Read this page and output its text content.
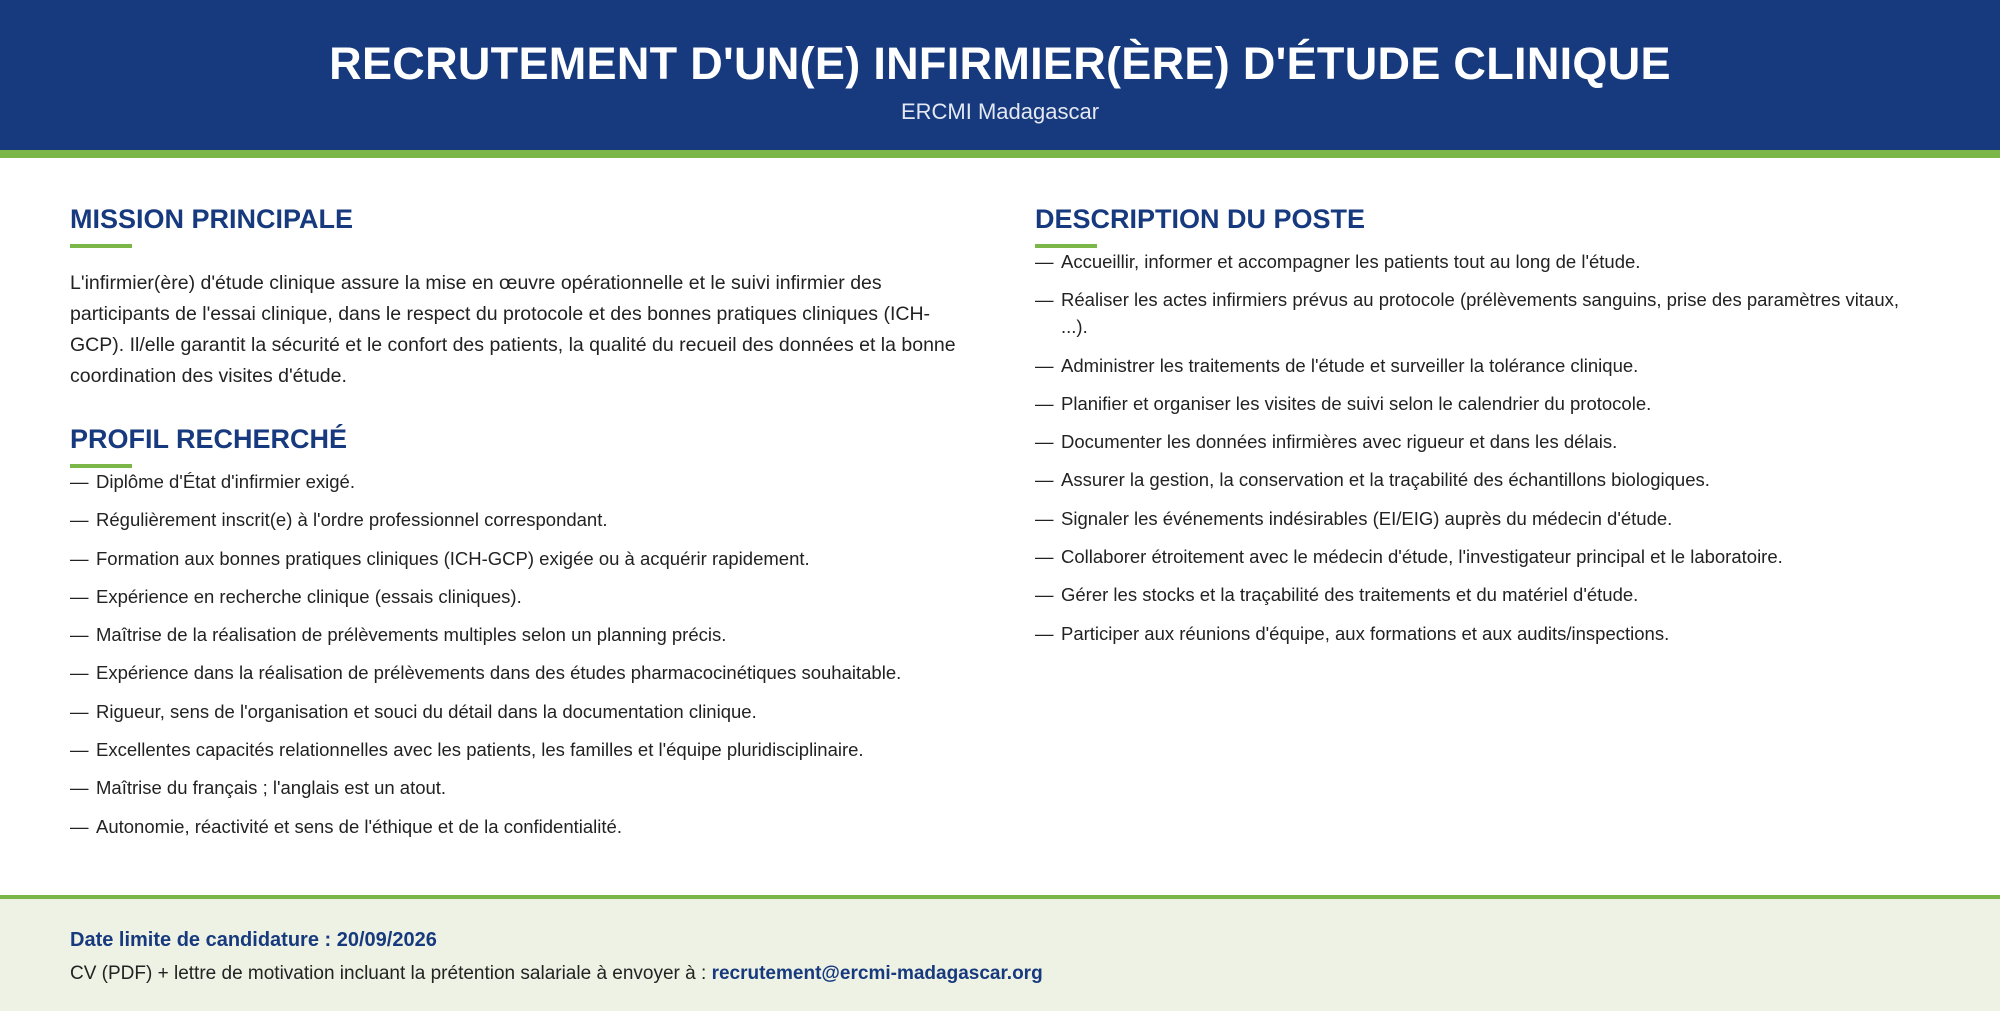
RECRUTEMENT D'UN(E) INFIRMIER(ÈRE) D'ÉTUDE CLINIQUE
ERCMI Madagascar
MISSION PRINCIPALE

L'infirmier(ère) d'étude clinique assure la mise en œuvre opérationnelle et le suivi infirmier des participants de l'essai clinique, dans le respect du protocole et des bonnes pratiques cliniques (ICH-GCP). Il/elle garantit la sécurité et le confort des patients, la qualité du recueil des données et la bonne coordination des visites d'étude.

PROFIL RECHERCHÉ
— Diplôme d'État d'infirmier exigé.
— Régulièrement inscrit(e) à l'ordre professionnel correspondant.
— Formation aux bonnes pratiques cliniques (ICH-GCP) exigée ou à acquérir rapidement.
— Expérience en recherche clinique (essais cliniques).
— Maîtrise de la réalisation de prélèvements multiples selon un planning précis.
— Expérience dans la réalisation de prélèvements dans des études pharmacocinétiques souhaitable.
— Rigueur, sens de l'organisation et souci du détail dans la documentation clinique.
— Excellentes capacités relationnelles avec les patients, les familles et l'équipe pluridisciplinaire.
— Maîtrise du français ; l'anglais est un atout.
— Autonomie, réactivité et sens de l'éthique et de la confidentialité.
DESCRIPTION DU POSTE
— Accueillir, informer et accompagner les patients tout au long de l'étude.
— Réaliser les actes infirmiers prévus au protocole (prélèvements sanguins, prise des paramètres vitaux, ...).
— Administrer les traitements de l'étude et surveiller la tolérance clinique.
— Planifier et organiser les visites de suivi selon le calendrier du protocole.
— Documenter les données infirmières avec rigueur et dans les délais.
— Assurer la gestion, la conservation et la traçabilité des échantillons biologiques.
— Signaler les événements indésirables (EI/EIG) auprès du médecin d'étude.
— Collaborer étroitement avec le médecin d'étude, l'investigateur principal et le laboratoire.
— Gérer les stocks et la traçabilité des traitements et du matériel d'étude.
— Participer aux réunions d'équipe, aux formations et aux audits/inspections.
Date limite de candidature : 20/09/2026
CV (PDF) + lettre de motivation incluant la prétention salariale à envoyer à : recrutement@ercmi-madagascar.org
